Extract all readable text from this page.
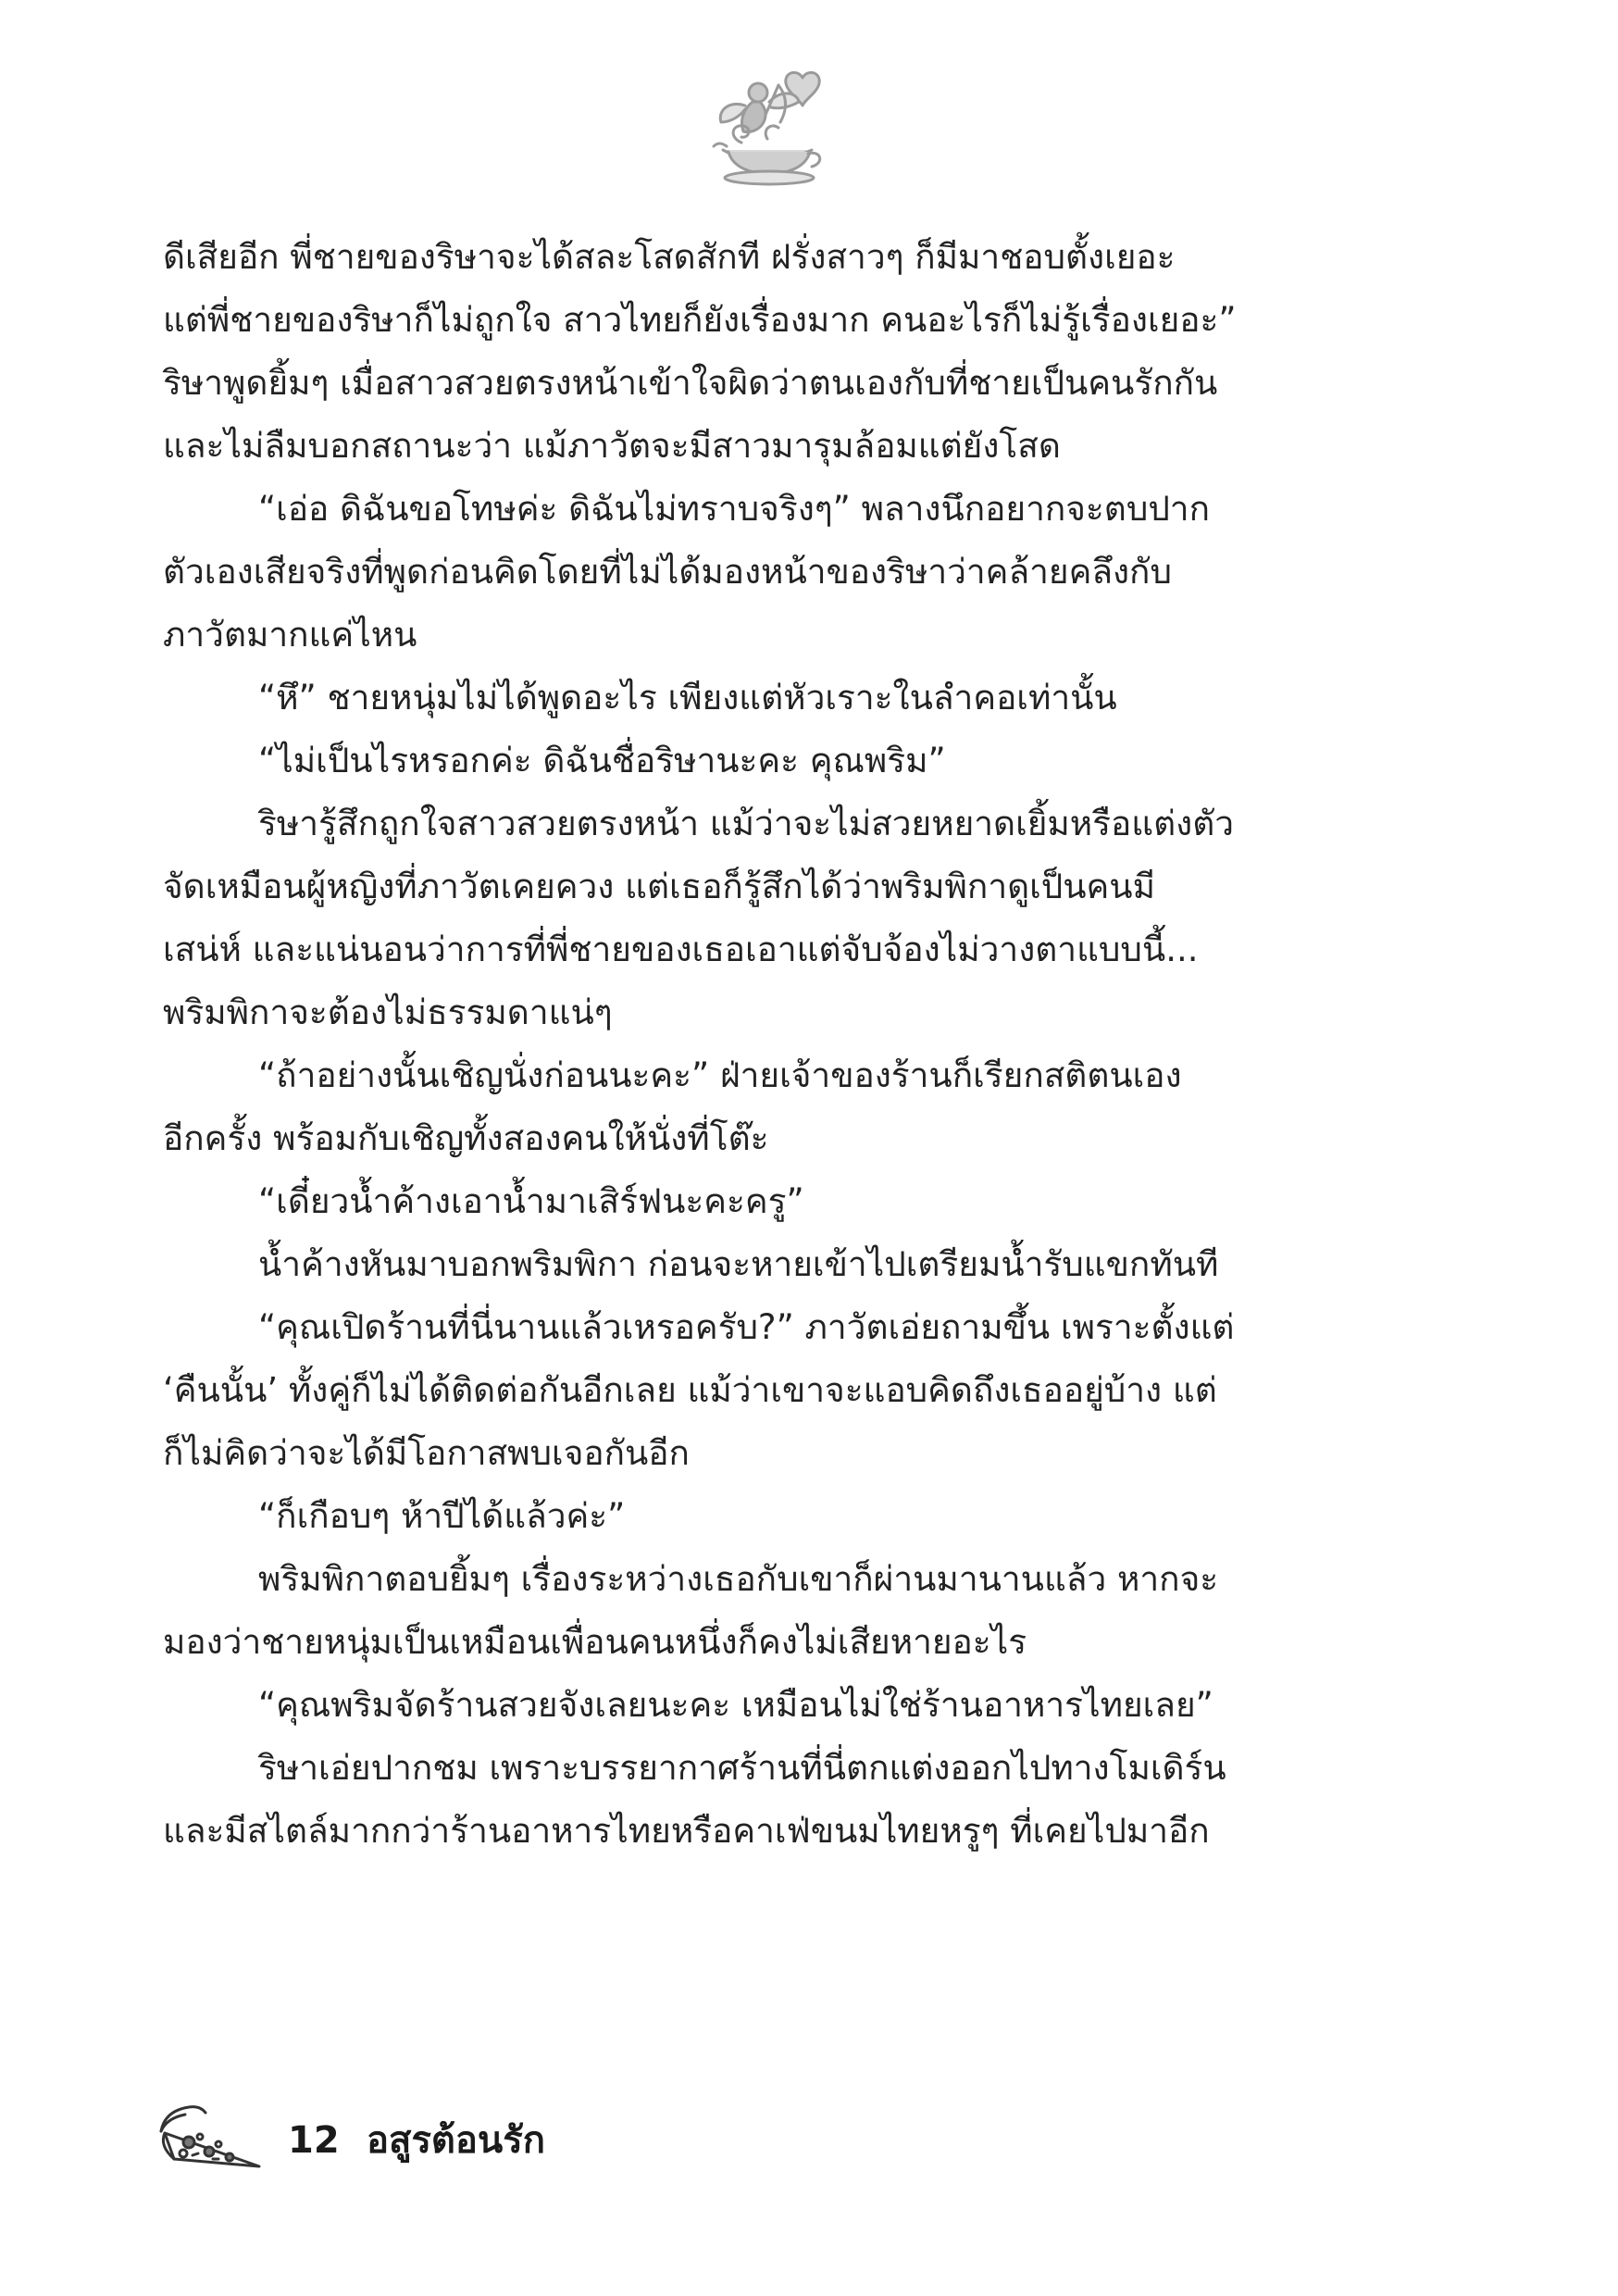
ดีเสียอีก พี่ชายของริษาจะได้สละโสดสักที ฝรั่งสาวๆ ก็มีมาชอบตั้งเยอะ
แต่พี่ชายของริษาก็ไม่ถูกใจ สาวไทยก็ยังเรื่องมาก คนอะไรก็ไม่รู้เรื่องเยอะ”
ริษาพูดยิ้มๆ เมื่อสาวสวยตรงหน้าเข้าใจผิดว่าตนเองกับที่ชายเป็นคนรักกัน
และไม่ลืมบอกสถานะว่า แม้ภาวัตจะมีสาวมารุมล้อมแต่ยังโสด
“เอ่อ ดิฉันขอโทษค่ะ ดิฉันไม่ทราบจริงๆ” พลางนึกอยากจะตบปาก
ตัวเองเสียจริงที่พูดก่อนคิดโดยที่ไม่ได้มองหน้าของริษาว่าคล้ายคลึงกับ
ภาวัตมากแค่ไหน
“หึ” ชายหนุ่มไม่ได้พูดอะไร เพียงแต่หัวเราะในลำคอเท่านั้น
“ไม่เป็นไรหรอกค่ะ ดิฉันชื่อริษานะคะ คุณพริม”
ริษารู้สึกถูกใจสาวสวยตรงหน้า แม้ว่าจะไม่สวยหยาดเยิ้มหรือแต่งตัว
จัดเหมือนผู้หญิงที่ภาวัตเคยควง แต่เธอก็รู้สึกได้ว่าพริมพิกาดูเป็นคนมี
เสน่ห์ และแน่นอนว่าการที่พี่ชายของเธอเอาแต่จับจ้องไม่วางตาแบบนี้...
พริมพิกาจะต้องไม่ธรรมดาแน่ๆ
“ถ้าอย่างนั้นเชิญนั่งก่อนนะคะ” ฝ่ายเจ้าของร้านก็เรียกสติตนเอง
อีกครั้ง พร้อมกับเชิญทั้งสองคนให้นั่งที่โต๊ะ
“เดี๋ยวน้ำค้างเอาน้ำมาเสิร์ฟนะคะครู”
น้ำค้างหันมาบอกพริมพิกา ก่อนจะหายเข้าไปเตรียมน้ำรับแขกทันที
“คุณเปิดร้านที่นี่นานแล้วเหรอครับ?” ภาวัตเอ่ยถามขึ้น เพราะตั้งแต่
‘คืนนั้น’ ทั้งคู่ก็ไม่ได้ติดต่อกันอีกเลย แม้ว่าเขาจะแอบคิดถึงเธออยู่บ้าง แต่
ก็ไม่คิดว่าจะได้มีโอกาสพบเจอกันอีก
“ก็เกือบๆ ห้าปีได้แล้วค่ะ”
พริมพิกาตอบยิ้มๆ เรื่องระหว่างเธอกับเขาก็ผ่านมานานแล้ว หากจะ
มองว่าชายหนุ่มเป็นเหมือนเพื่อนคนหนึ่งก็คงไม่เสียหายอะไร
“คุณพริมจัดร้านสวยจังเลยนะคะ เหมือนไม่ใช่ร้านอาหารไทยเลย”
ริษาเอ่ยปากชม เพราะบรรยากาศร้านที่นี่ตกแต่งออกไปทางโมเดิร์น
และมีสไตล์มากกว่าร้านอาหารไทยหรือคาเฟ่ขนมไทยหรูๆ ที่เคยไปมาอีก
12 อสูรต้อนรัก
